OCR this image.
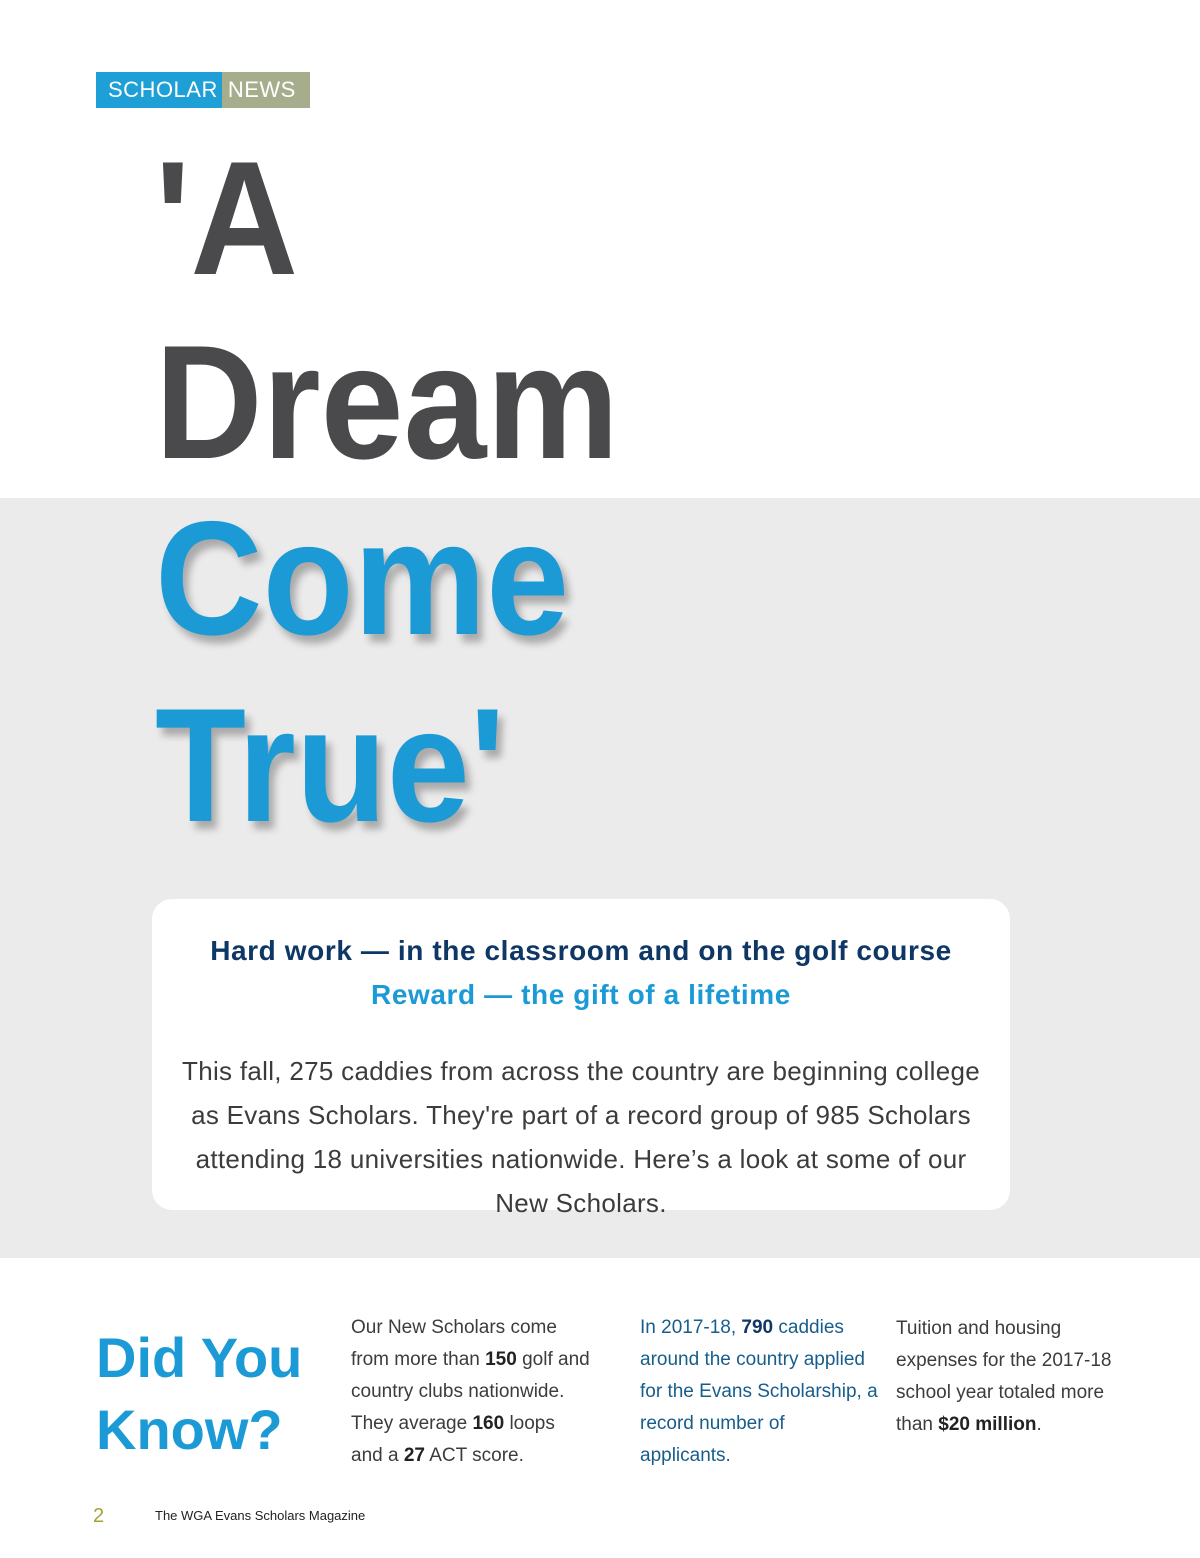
SCHOLAR NEWS
'A
Dream
Come
True'
Hard work — in the classroom and on the golf course
Reward — the gift of a lifetime
This fall, 275 caddies from across the country are beginning college as Evans Scholars. They're part of a record group of 985 Scholars attending 18 universities nationwide. Here’s a look at some of our New Scholars.
Did You
Know?
Our New Scholars come from more than 150 golf and country clubs nationwide. They average 160 loops and a 27 ACT score.
In 2017-18, 790 caddies around the country applied for the Evans Scholarship, a record number of applicants.
Tuition and housing expenses for the 2017-18 school year totaled more than $20 million.
2	The WGA Evans Scholars Magazine
